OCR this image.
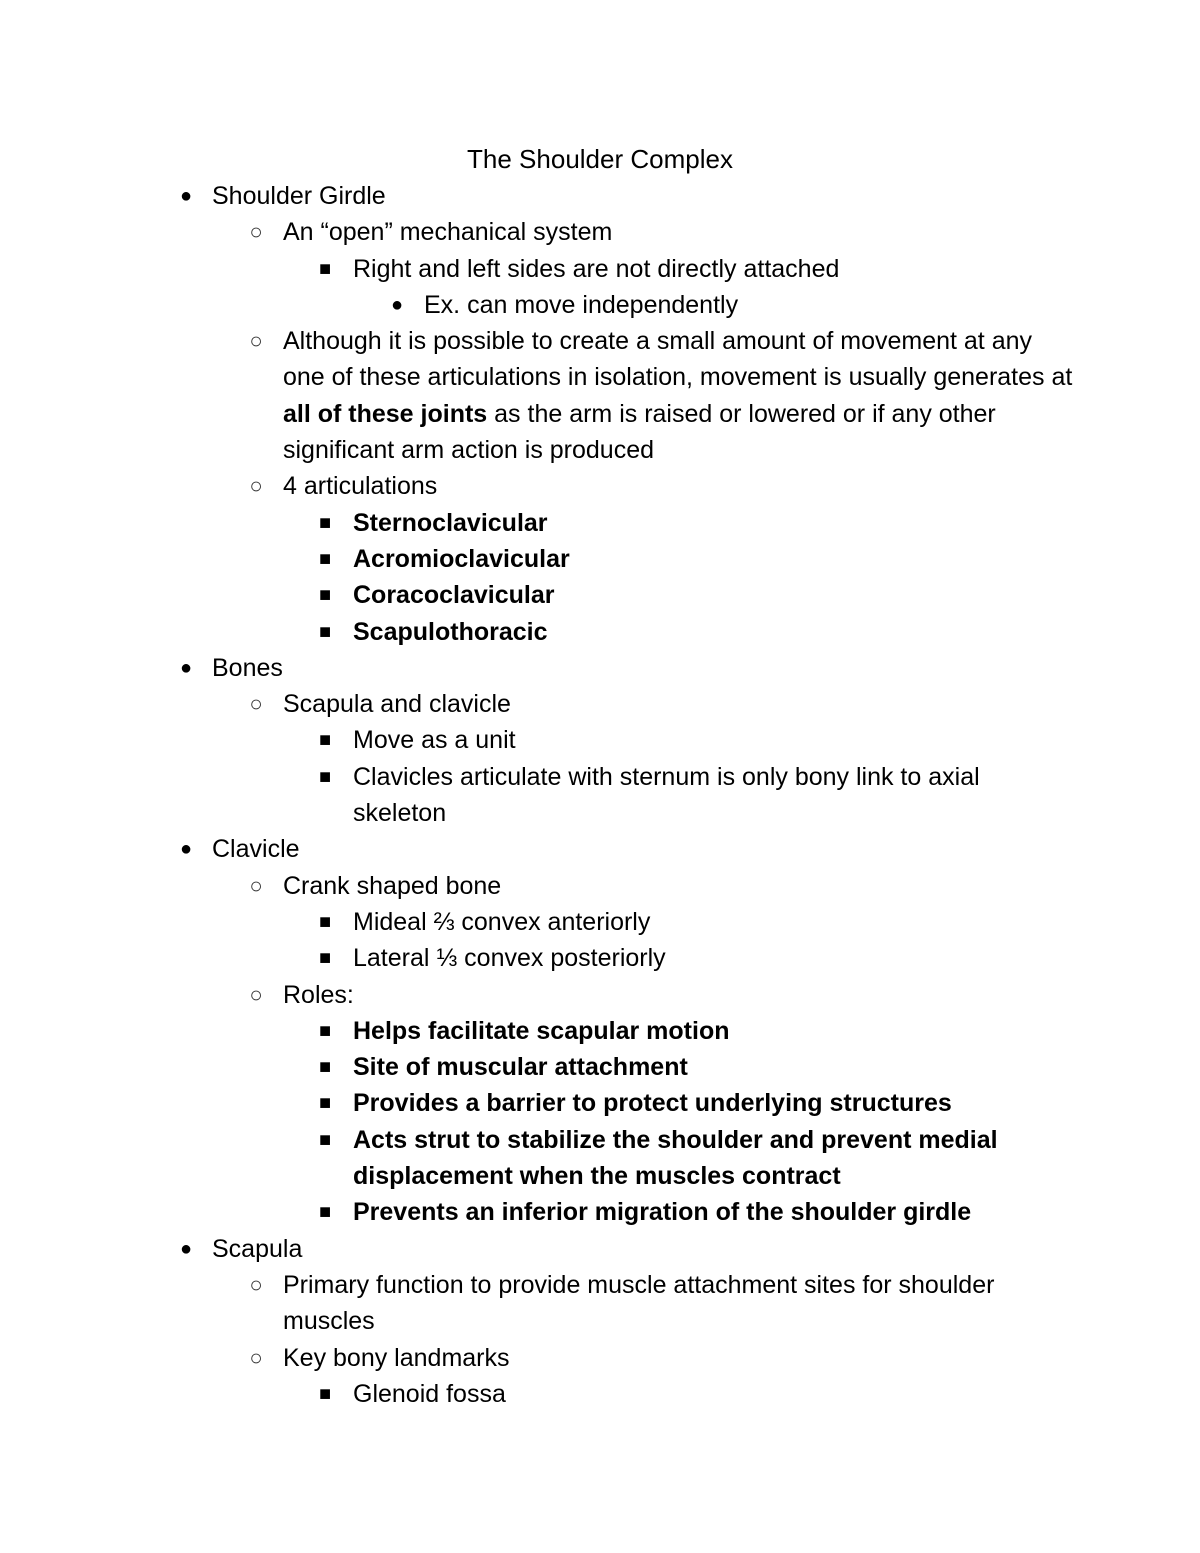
The Shoulder Complex
● Shoulder Girdle
○ An “open” mechanical system
■ Right and left sides are not directly attached
● Ex. can move independently
○ Although it is possible to create a small amount of movement at any one of these articulations in isolation, movement is usually generates at all of these joints as the arm is raised or lowered or if any other significant arm action is produced
○ 4 articulations
■ Sternoclavicular
■ Acromioclavicular
■ Coracoclavicular
■ Scapulothoracic
● Bones
○ Scapula and clavicle
■ Move as a unit
■ Clavicles articulate with sternum is only bony link to axial skeleton
● Clavicle
○ Crank shaped bone
■ Mideal ⅔ convex anteriorly
■ Lateral ⅓ convex posteriorly
○ Roles:
■ Helps facilitate scapular motion
■ Site of muscular attachment
■ Provides a barrier to protect underlying structures
■ Acts strut to stabilize the shoulder and prevent medial displacement when the muscles contract
■ Prevents an inferior migration of the shoulder girdle
● Scapula
○ Primary function to provide muscle attachment sites for shoulder muscles
○ Key bony landmarks
■ Glenoid fossa
